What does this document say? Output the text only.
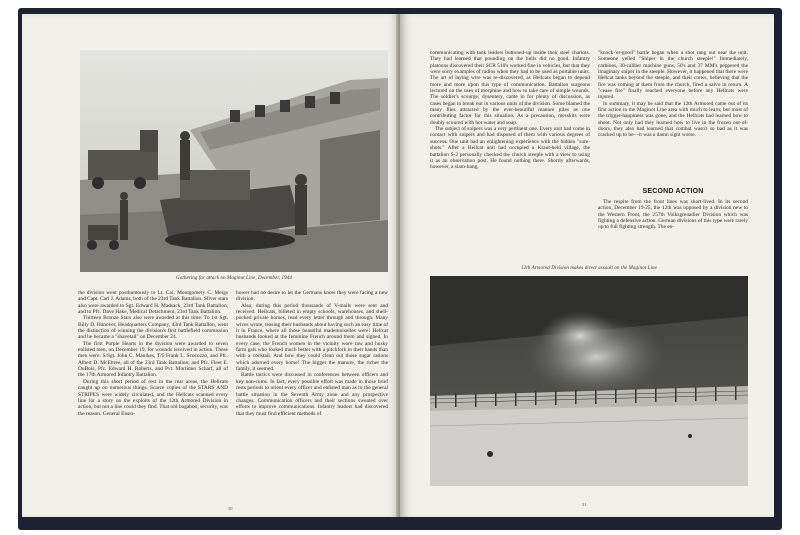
Gathering for attack on Maginot Line, December, 1944

the division went posthumously to Lt. Col. Montgomery C. Meigs and Capt. Carl J. Adams, both of the 23rd Tank Battalion. Silver stars also were awarded to Sgt. Edward H. Madsack, 23rd Tank Battalion, and to Pfc. Dave Hake, Medical Detachment, 23rd Tank Battalion.

Thirteen Bronze Stars also were awarded at this time. To 1st Sgt. Billy D. Hanover, Headquarters Company, 43rd Tank Battalion, went the distinction of winning the division's first battlefield commission and he became a "shavetail" on December 24.

The first Purple Hearts in the division were awarded to seven enlisted men, on December 19, for wounds received in action. These men were: S/Sgt. John C. Manikes, T/5 Frank L. Scocozzo, and Pfc. Albert D. McEltree, all of the 23rd Tank Battalion; and Pfc. Fleet E. DuBois, Pfc. Edward H. Roberts, and Pvt. Mortimer Scharf, all of the 17th Armored Infantry Battalion.

During this short period of rest in the rear areas, the Hellcats caught up on numerous things. Scarce copies of the STARS AND STRIPES were widely circulated, and the Hellcats scanned every line for a story on the exploits of the 12th Armored Division in action, but not a line could they find. That old bugaboo, security, was the reason. General Eisen-

hower had no desire to let the Germans know they were facing a new division.

Also, during this period thousands of V-mails were sent and received. Hellcats, billeted in empty schools, warehouses, and shell-pocked private homes, read every letter through and through. Many wives wrote, teasing their husbands about having such an easy time of it in France, where all those beautiful mademoiselles were! Hellcat husbands looked at the feminine French around them and sighed. In every case, the French women in the vicinity wore raw and husky farm gals who looked much better with a pitchfork in their hands than with a cocktail. And how they could clean out those sugar rations which adorned every home! The bigger the manure, the richer the family, it seemed.

Battle tactics were discussed in conferences between officers and key non-coms. In fact, every possible effort was made in those brief rests periods to orient every officer and enlisted man as to the general battle situation in the Seventh Army zone and any prospective changes. Communication officers and their sections sweated over efforts to improve communications. Infantry leaders had discovered that they must find efficient methods of

30

communicating with tank leaders buttoned-up inside their steel chariots. They had learned that pounding on the hulls did no good. Infantry platoons discovered their SCR 510's worked fine in vehicles, but that they were sorry examples of radios when they had to be used as portable units. The art of laying wire was re-discovered, as Hellcats began to depend more and more upon this type of communication. Battalion surgeons lectured on the uses of morphine and how to take care of simple wounds. The soldier's scourge, dysentery, came in for plenty of discussion, as cases began to break out in various units of the division. Some blamed the many flies attracted by the ever-beautiful manure piles as one contributing factor for this situation. As a precaution, messkits were doubly scoured with hot water and soap.

The subject of snipers was a very pertinent one. Every unit had come in contact with snipers and had disposed of them with various degrees of success. One unit had an enlightening experience with the hidden "sure-shots." After a Hellcat unit had occupied a Kraut-held village, the battalion S-2 personally checked the church steeple with a view to using it as an observation post. He found nothing there. Shortly afterwards, however, a slam-bang,

"knock-'er-good" battle began when a shot rang out near the unit. Someone yelled "Sniper in the church steeple!" Immediately, carbines, 30-caliber machine guns, 50's and 37 MM's peppered the imaginary sniper in the steeple. However, it happened that there were Hellcat tanks beyond the steeple, and their crews, believing that the fire was coming at them from the church, fired a salvo in return. A "cease fire" finally reached everyone before any Hellcats were injured.

In summary, it may be said that the 12th Armored came out of its first action in the Maginot Line area with much to learn; but most of the trigger-happiness was gone, and the Hellcats had learned how to shoot. Not only had they learned how to live in the frozen out-of-doors, they also had learned that combat wasn't so bad as it was cracked up to be—it was a damn sight worse.

SECOND ACTION

The respite from the front lines was short-lived. In its second action, December 19-25, the 12th was opposed by a division new to the Western Front, the 257th Volksgrenadier Division which was fighting a defensive action. German divisions of this type were rarely up to full fighting strength. The en-

12th Armored Division makes direct assault on the Maginot Line
31
